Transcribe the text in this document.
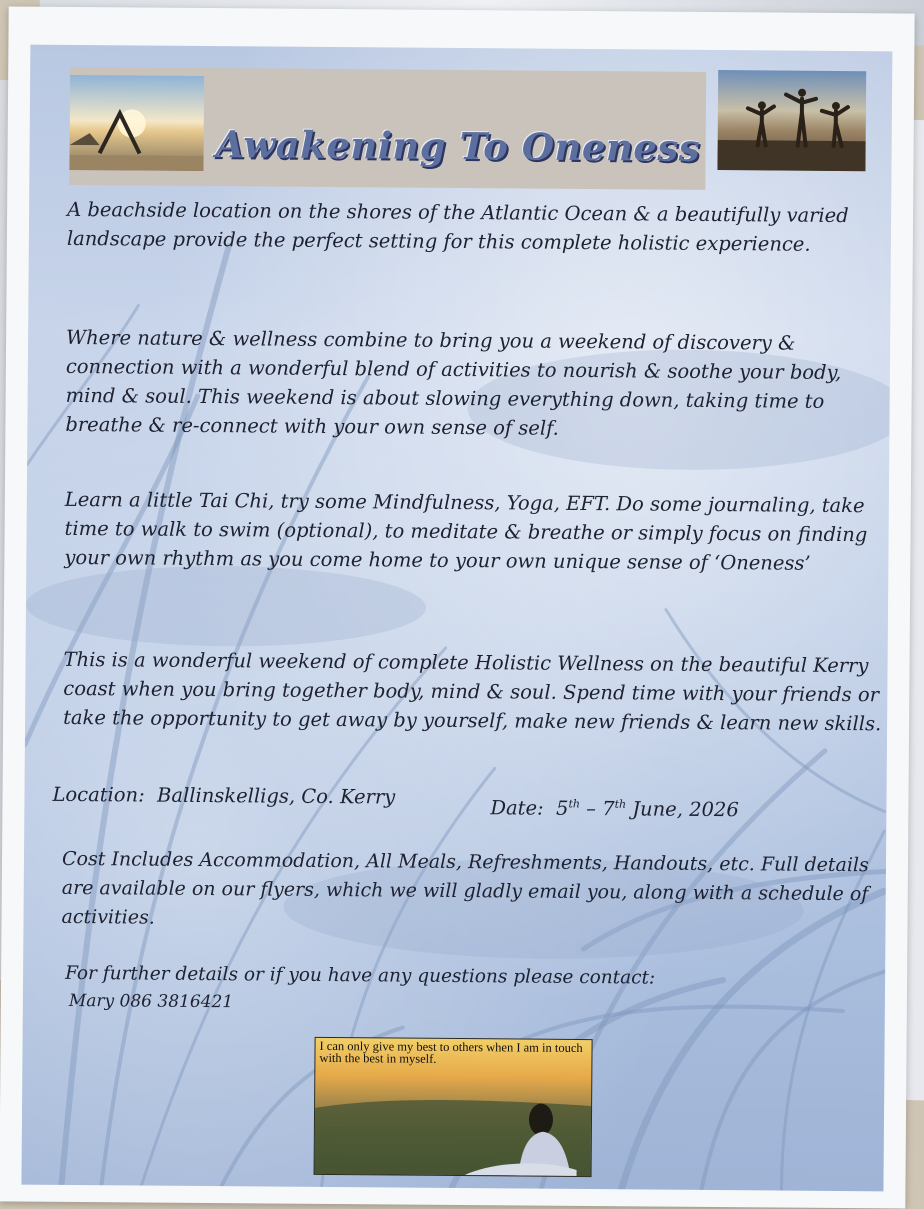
Awakening To Oneness
A beachside location on the shores of the Atlantic Ocean & a beautifully varied landscape provide the perfect setting for this complete holistic experience.
Where nature & wellness combine to bring you a weekend of discovery & connection with a wonderful blend of activities to nourish & soothe your body, mind & soul. This weekend is about slowing everything down, taking time to breathe & re-connect with your own sense of self.
Learn a little Tai Chi, try some Mindfulness, Yoga, EFT. Do some journaling, take time to walk to swim (optional), to meditate & breathe or simply focus on finding your own rhythm as you come home to your own unique sense of ‘Oneness’
This is a wonderful weekend of complete Holistic Wellness on the beautiful Kerry coast when you bring together body, mind & soul. Spend time with your friends or take the opportunity to get away by yourself, make new friends & learn new skills.
Location: Ballinskelligs, Co. Kerry	Date: 5th – 7th June, 2026
Cost Includes Accommodation, All Meals, Refreshments, Handouts, etc. Full details are available on our flyers, which we will gladly email you, along with a schedule of activities.
For further details or if you have any questions please contact:
Mary 086 3816421
I can only give my best to others when I am in touch with the best in myself.
